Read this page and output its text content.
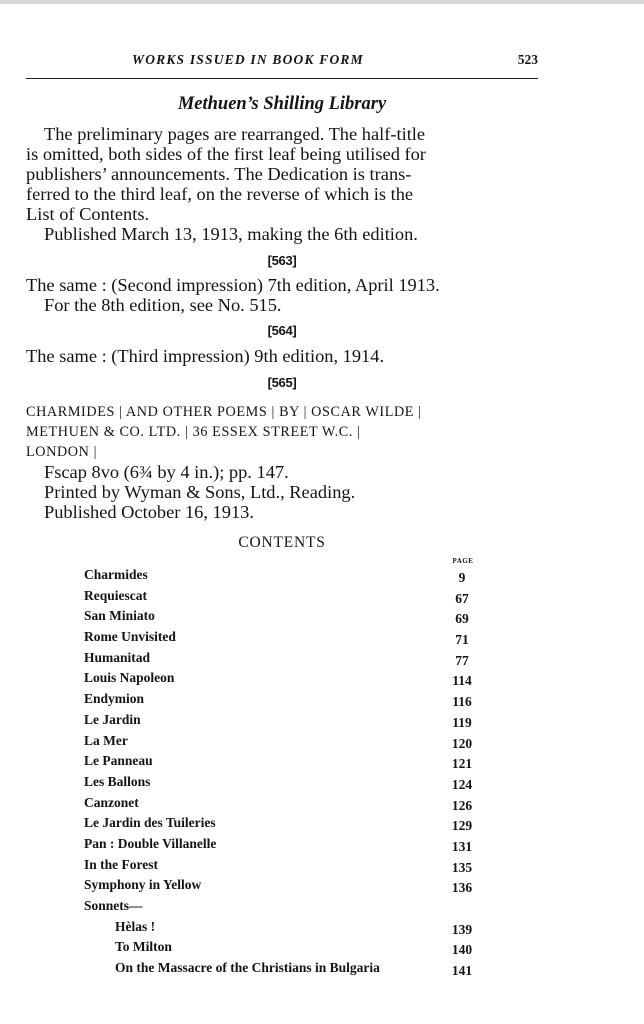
WORKS ISSUED IN BOOK FORM	523
Methuen’s Shilling Library

The preliminary pages are rearranged. The half-title

is omitted, both sides of the first leaf being utilised for

publishers’ announcements. The Dedication is trans-

ferred to the third leaf, on the reverse of which is the

List of Contents.

Published March 13, 1913, making the 6th edition.

[563]

The same : (Second impression) 7th edition, April 1913.

For the 8th edition, see No. 515.

[564]

The same : (Third impression) 9th edition, 1914.

[565]

CHARMIDES | AND OTHER POEMS | BY | OSCAR WILDE |

METHUEN & CO. LTD. | 36 ESSEX STREET W.C. |

LONDON |

Fscap 8vo (6¾ by 4 in.); pp. 147.

Printed by Wyman & Sons, Ltd., Reading.

Published October 16, 1913.

CONTENTS
PAGE
Charmides	9
Requiescat	67
San Miniato	69
Rome Unvisited	71
Humanitad	77
Louis Napoleon	114
Endymion	116
Le Jardin	119
La Mer	120
Le Panneau	121
Les Ballons	124
Canzonet	126
Le Jardin des Tuileries	129
Pan : Double Villanelle	131
In the Forest	135
Symphony in Yellow	136
Sonnets—
Hèlas !	139
To Milton	140
On the Massacre of the Christians in Bulgaria	141
